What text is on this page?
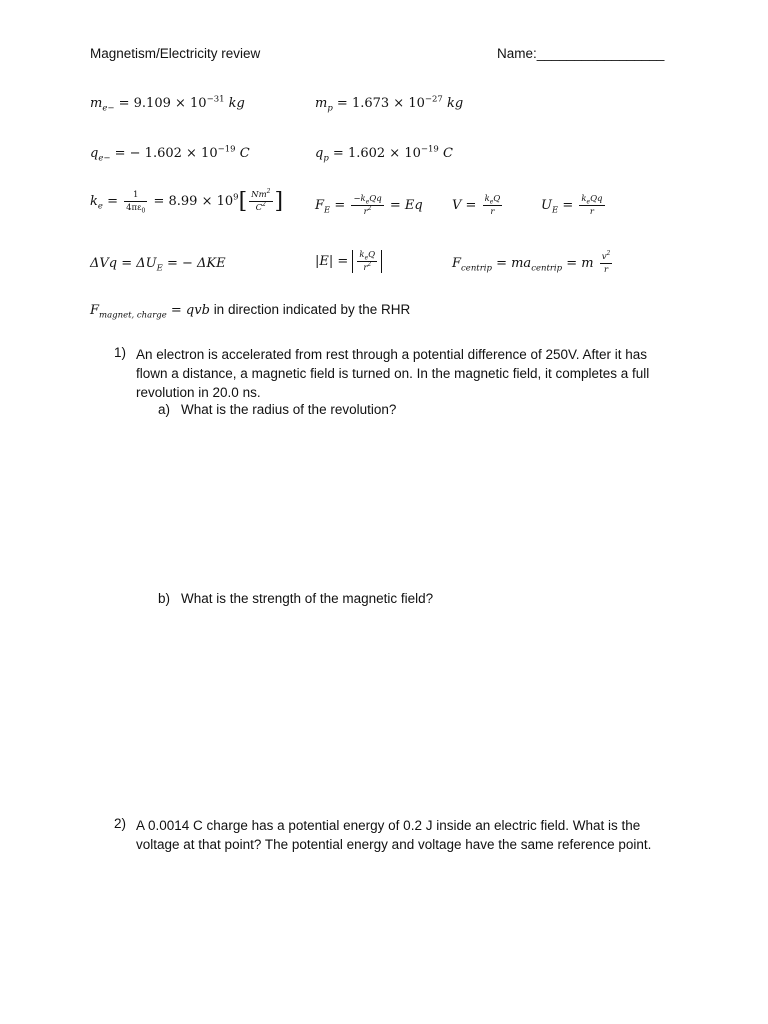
Magnetism/Electricity review	Name:_________________
$m_{e-} = 9.109 \times 10^{-31}$ kg	$m_p = 1.673 \times 10^{-27}$ kg
$q_{e-}$ = − $1.602 \times 10^{-19}$ C	$q_p = 1.602 \times 10^{-19}$ C
$k_e = \frac{1}{4\pi\varepsilon_0} = 8.99 \times 10^9[ \frac{Nm^2}{C^2}$ ] $F_E = \frac{-k_eQq}{r^2} = Eq$ $V = \frac{k_eQ}{r}$	$U_E = \frac{k_eQq}{r}$
$\Delta Vq = \Delta U_E$ = − ΔKE	$|E| = \frac{k_eQ}{r^2}$	$F_{centrip} = ma_{centrip} = m \frac{v^2}{r}$
$F_{magnet, charge}$ = qvb in direction indicated by the RHR
1) An electron is accelerated from rest through a potential difference of 250V. After it has flown a distance, a magnetic field is turned on. In the magnetic field, it completes a full revolution in 20.0 ns.
a) What is the radius of the revolution?
b) What is the strength of the magnetic field?
2) A 0.0014 C charge has a potential energy of 0.2 J inside an electric field. What is the voltage at that point? The potential energy and voltage have the same reference point.
